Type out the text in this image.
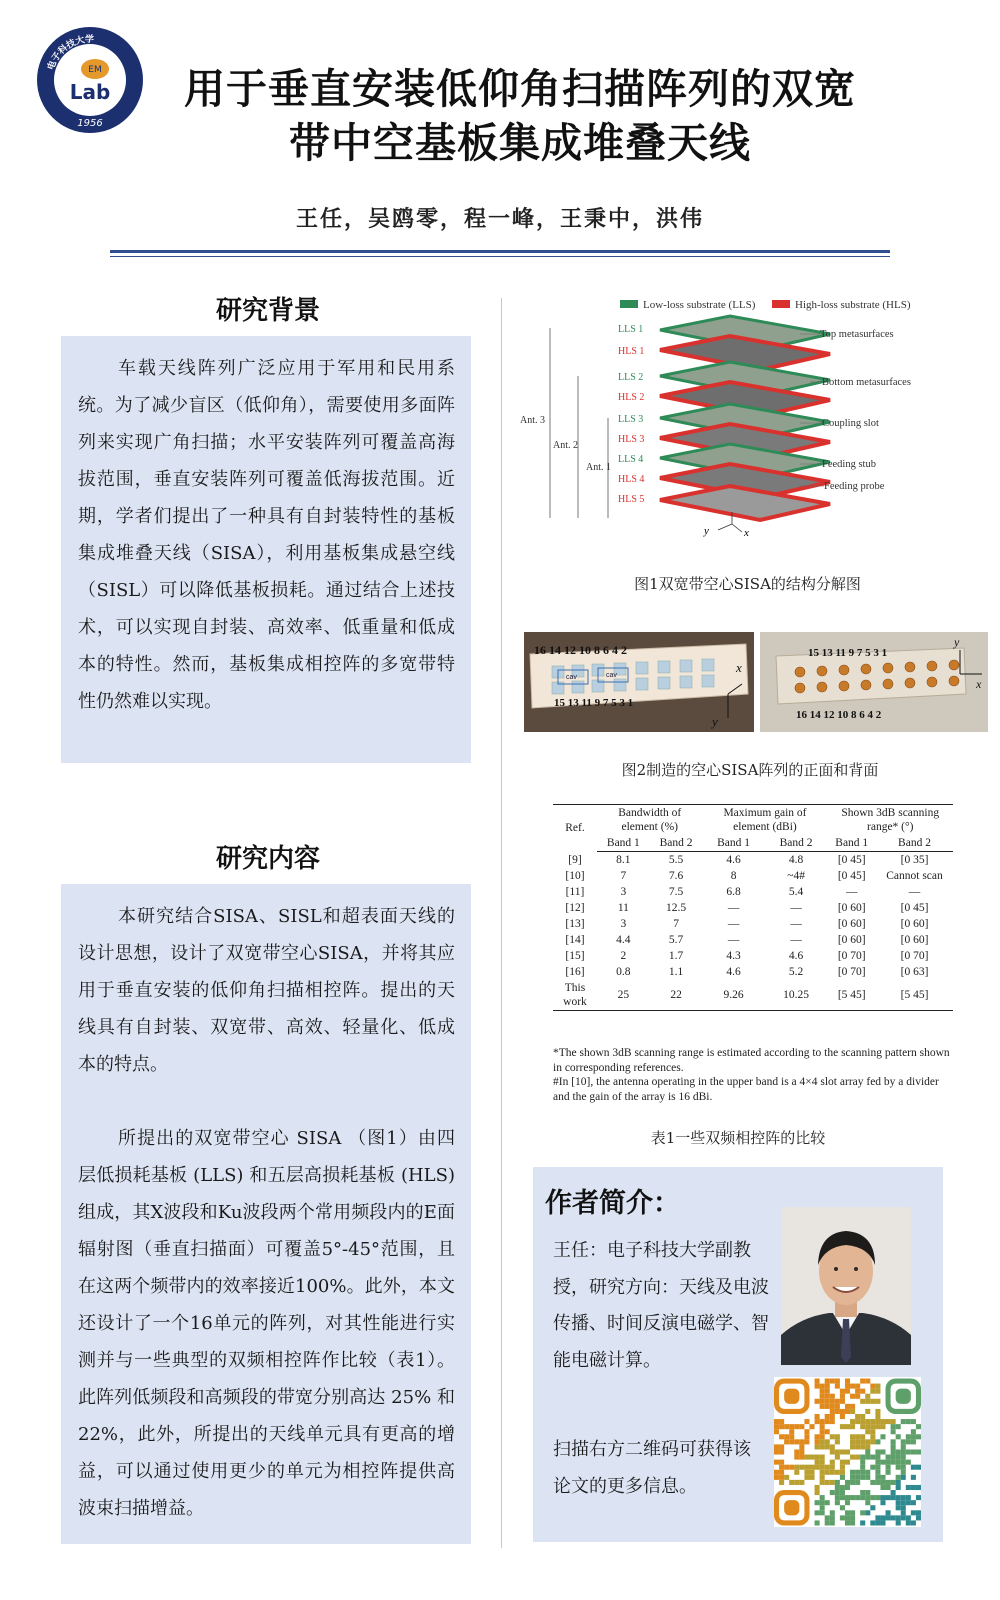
电子科技大学
EM
Lab
1956
用于垂直安装低仰角扫描阵列的双宽
带中空基板集成堆叠天线
王任，吴鸥零，程一峰，王秉中，洪伟
研究背景

车载天线阵列广泛应用于军用和民用系统。为了减少盲区（低仰角），需要使用多面阵列来实现广角扫描；水平安装阵列可覆盖高海拔范围，垂直安装阵列可覆盖低海拔范围。近期，学者们提出了一种具有自封装特性的基板集成堆叠天线（SISA），利用基板集成悬空线（SISL）可以降低基板损耗。通过结合上述技术，可以实现自封装、高效率、低重量和低成本的特性。然而，基板集成相控阵的多宽带特性仍然难以实现。

研究内容

本研究结合SISA、SISL和超表面天线的设计思想，设计了双宽带空心SISA，并将其应用于垂直安装的低仰角扫描相控阵。提出的天线具有自封装、双宽带、高效、轻量化、低成本的特点。

所提出的双宽带空心 SISA （图1）由四层低损耗基板 (LLS) 和五层高损耗基板 (HLS) 组成，其X波段和Ku波段两个常用频段内的E面辐射图（垂直扫描面）可覆盖5°-45°范围，且在这两个频带内的效率接近100%。此外，本文还设计了一个16单元的阵列，对其性能进行实测并与一些典型的双频相控阵作比较（表1）。此阵列低频段和高频段的带宽分别高达 25% 和 22%，此外，所提出的天线单元具有更高的增益，可以通过使用更少的单元为相控阵提供高波束扫描增益。

Low-loss substrate (LLS)	High-loss substrate (HLS)
LLS 1
HLS 1
LLS 2
HLS 2
LLS 3
HLS 3
LLS 4
HLS 4
HLS 5
Ant. 3
Ant. 2
Ant. 1
Top metasurfaces
Bottom metasurfaces
Coupling slot
Feeding stub
Feeding probe
y	x
图1双宽带空心SISA的结构分解图
cav	cav
16 14 12 10 8 6 4 2
15 13 11 9 7 5 3 1
x
y
15 13 11 9 7 5 3 1
16 14 12 10 8 6 4 2
y
x
图2制造的空心SISA阵列的正面和背面
Ref.	Bandwidth of element (%)		Maximum gain of element (dBi)		Shown 3dB scanning range* (°)	
	Band 1	Band 2	Band 1	Band 2	Band 1	Band 2
[9]	8.1	5.5	4.6	4.8	[0 45]	[0 35]
[10]	7	7.6	8	~4#	[0 45]	Cannot scan
[11]	3	7.5	6.8	5.4	—	—
[12]	11	12.5	—	—	[0 60]	[0 45]
[13]	3	7	—	—	[0 60]	[0 60]
[14]	4.4	5.7	—	—	[0 60]	[0 60]
[15]	2	1.7	4.3	4.6	[0 70]	[0 70]
[16]	0.8	1.1	4.6	5.2	[0 70]	[0 63]
This work	25	22	9.26	10.25	[5 45]	[5 45]
*The shown 3dB scanning range is estimated according to the scanning pattern shown in corresponding references.
#In [10], the antenna operating in the upper band is a 4×4 slot array fed by a divider and the gain of the array is 16 dBi.
表1一些双频相控阵的比较
作者简介：
王任：电子科技大学副教授，研究方向：天线及电波传播、时间反演电磁学、智能电磁计算。
扫描右方二维码可获得该论文的更多信息。
